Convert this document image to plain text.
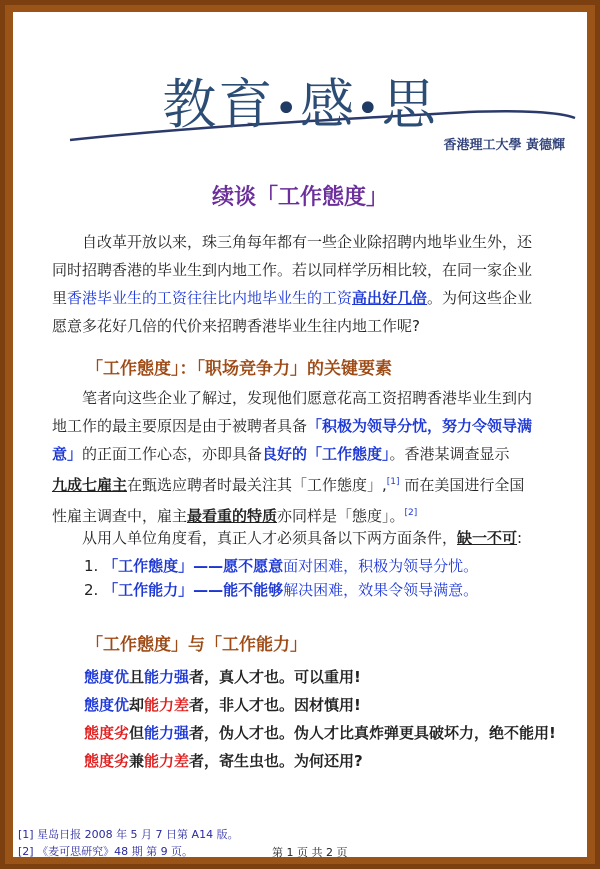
教育•感•思
香港理工大學 黃德輝
续谈「工作態度」
自改革开放以来，珠三角每年都有一些企业除招聘内地毕业生外，还
同时招聘香港的毕业生到内地工作。若以同样学历相比较，在同一家企业
里香港毕业生的工资往往比内地毕业生的工资高出好几倍。为何这些企业
愿意多花好几倍的代价来招聘香港毕业生往内地工作呢?
「工作態度」：「职场竞争力」的关键要素
笔者向这些企业了解过，发现他们愿意花高工资招聘香港毕业生到内
地工作的最主要原因是由于被聘者具备「积极为领导分忧，努力令领导满
意」的正面工作心态，亦即具备良好的「工作態度」。香港某调查显示
九成七雇主在甄选应聘者时最关注其「工作態度」,[1] 而在美国进行全国
性雇主调查中，雇主最看重的特质亦同样是「態度」。[2]
从用人单位角度看，真正人才必须具备以下两方面条件，缺一不可:
1. 「工作態度」——愿不愿意面对困难，积极为领导分忧。
2. 「工作能力」——能不能够解决困难，效果令领导满意。
「工作態度」与「工作能力」
態度优且能力强者，真人才也。可以重用!
態度优却能力差者，非人才也。因材慎用!
態度劣但能力强者，伪人才也。伪人才比真炸弹更具破坏力，绝不能用!
態度劣兼能力差者，寄生虫也。为何还用?
[1] 星岛日报 2008 年 5 月 7 日第 A14 版。
[2] 《麦可思研究》48 期 第 9 页。	第 1 页 共 2 页
